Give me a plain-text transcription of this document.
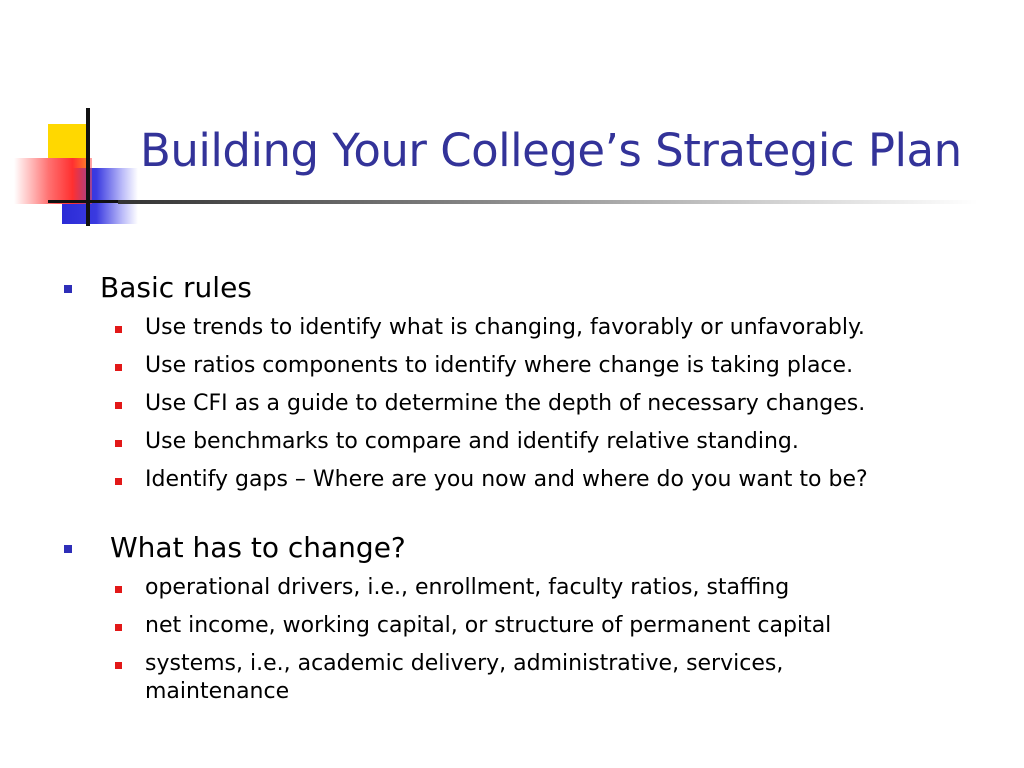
Building Your College’s Strategic Plan
Basic rules
Use trends to identify what is changing, favorably or unfavorably.
Use ratios components to identify where change is taking place.
Use CFI as a guide to determine the depth of necessary changes.
Use benchmarks to compare and identify relative standing.
Identify gaps – Where are you now and where do you want to be?
What has to change?
operational drivers, i.e., enrollment, faculty ratios, staffing
net income, working capital, or structure of permanent capital
systems, i.e., academic delivery, administrative, services, maintenance
